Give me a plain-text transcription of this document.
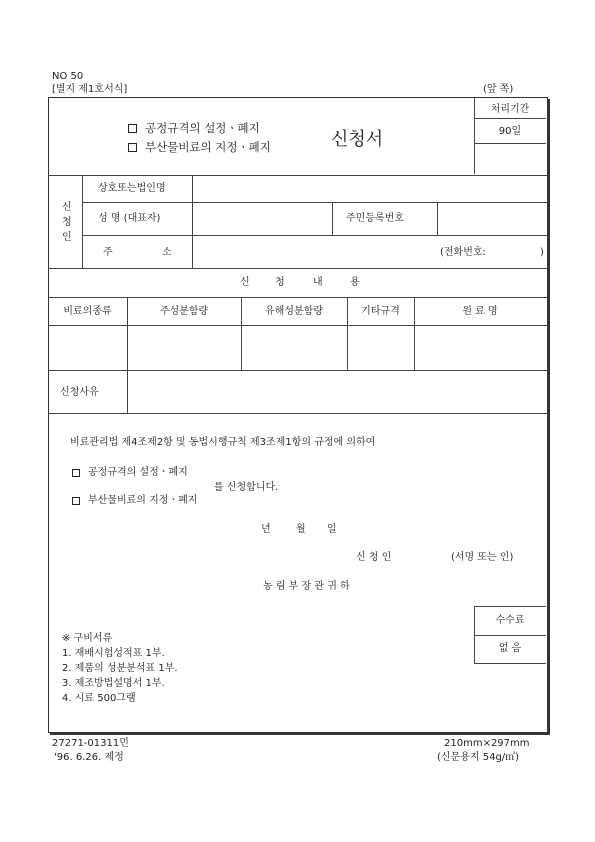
NO 50
[별지 제1호서식]	(앞 쪽)
공정규격의 설정ㆍ폐지
부산물비료의 지정ㆍ폐지	신청서
처리기간
90일
신
청
인
상호또는법인명
성 명 (대표자)	주민등록번호
주	소	(전화번호:	)
신	청	내	용
비료의종류	주성분함량	유해성분함량	기타규격	원 료 명
신청사유
비료관리법 제4조제2항 및 동법시행규칙 제3조제1항의 규정에 의하여
공정규격의 설정ㆍ폐지
를 신청합니다.
부산물비료의 지정ㆍ폐지
년	월 일
신 청 인	(서명 또는 인)
농 림 부 장 관 귀 하
수수료
없 음
※ 구비서류
1. 재배시험성적표 1부.
2. 제품의 성분분석표 1부.
3. 제조방법설명서 1부.
4. 시료 500그램
27271-01311민
'96. 6.26. 제정
210mm×297mm
(신문용지 54g/㎡)
